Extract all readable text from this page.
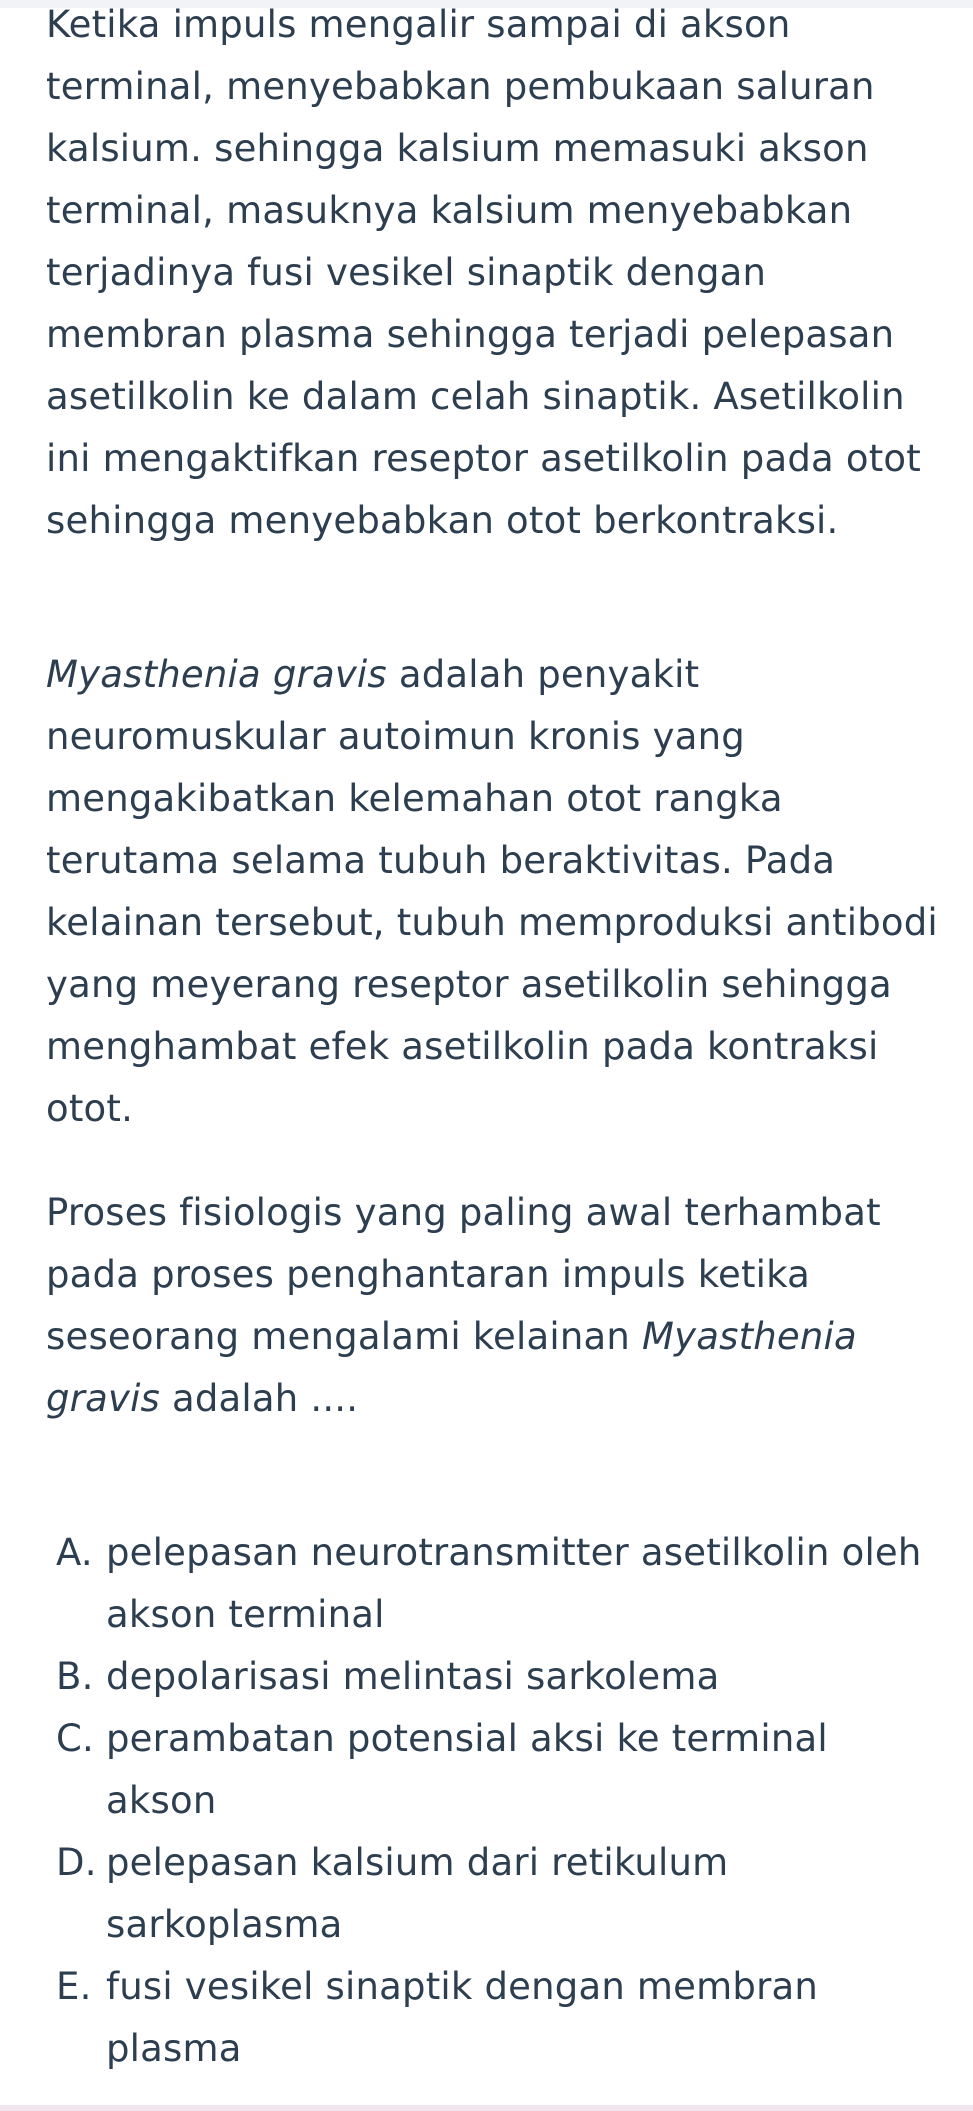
Ketika impuls mengalir sampai di akson terminal, menyebabkan pembukaan saluran kalsium. sehingga kalsium memasuki akson terminal, masuknya kalsium menyebabkan terjadinya fusi vesikel sinaptik dengan membran plasma sehingga terjadi pelepasan asetilkolin ke dalam celah sinaptik. Asetilkolin ini mengaktifkan reseptor asetilkolin pada otot sehingga menyebabkan otot berkontraksi.

Myasthenia gravis adalah penyakit neuromuskular autoimun kronis yang mengakibatkan kelemahan otot rangka terutama selama tubuh beraktivitas. Pada kelainan tersebut, tubuh memproduksi antibodi yang meyerang reseptor asetilkolin sehingga menghambat efek asetilkolin pada kontraksi otot.

Proses fisiologis yang paling awal terhambat pada proses penghantaran impuls ketika seseorang mengalami kelainan Myasthenia gravis adalah ....

A. pelepasan neurotransmitter asetilkolin oleh akson terminal
B. depolarisasi melintasi sarkolema
C. perambatan potensial aksi ke terminal akson
D. pelepasan kalsium dari retikulum sarkoplasma
E. fusi vesikel sinaptik dengan membran plasma
